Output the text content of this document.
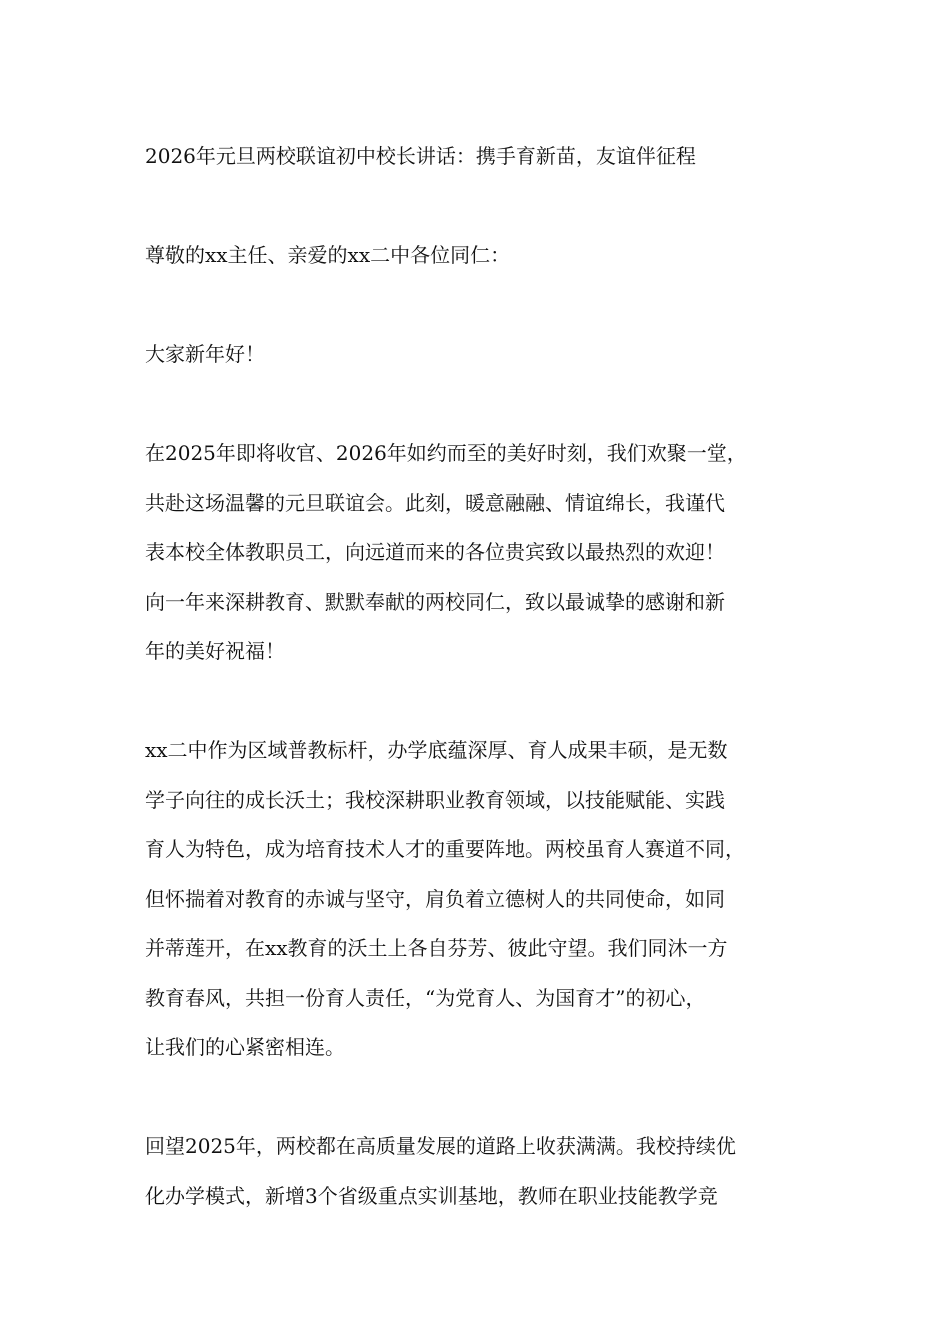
2026年元旦两校联谊初中校长讲话：携手育新苗，友谊伴征程
尊敬的xx主任、亲爱的xx二中各位同仁：
大家新年好！
在2025年即将收官、2026年如约而至的美好时刻，我们欢聚一堂，
共赴这场温馨的元旦联谊会。此刻，暖意融融、情谊绵长，我谨代
表本校全体教职员工，向远道而来的各位贵宾致以最热烈的欢迎！
向一年来深耕教育、默默奉献的两校同仁，致以最诚挚的感谢和新
年的美好祝福！
xx二中作为区域普教标杆，办学底蕴深厚、育人成果丰硕，是无数
学子向往的成长沃土；我校深耕职业教育领域，以技能赋能、实践
育人为特色，成为培育技术人才的重要阵地。两校虽育人赛道不同，
但怀揣着对教育的赤诚与坚守，肩负着立德树人的共同使命，如同
并蒂莲开，在xx教育的沃土上各自芬芳、彼此守望。我们同沐一方
教育春风，共担一份育人责任，“为党育人、为国育才”的初心，
让我们的心紧密相连。
回望2025年，两校都在高质量发展的道路上收获满满。我校持续优
化办学模式，新增3个省级重点实训基地，教师在职业技能教学竞
